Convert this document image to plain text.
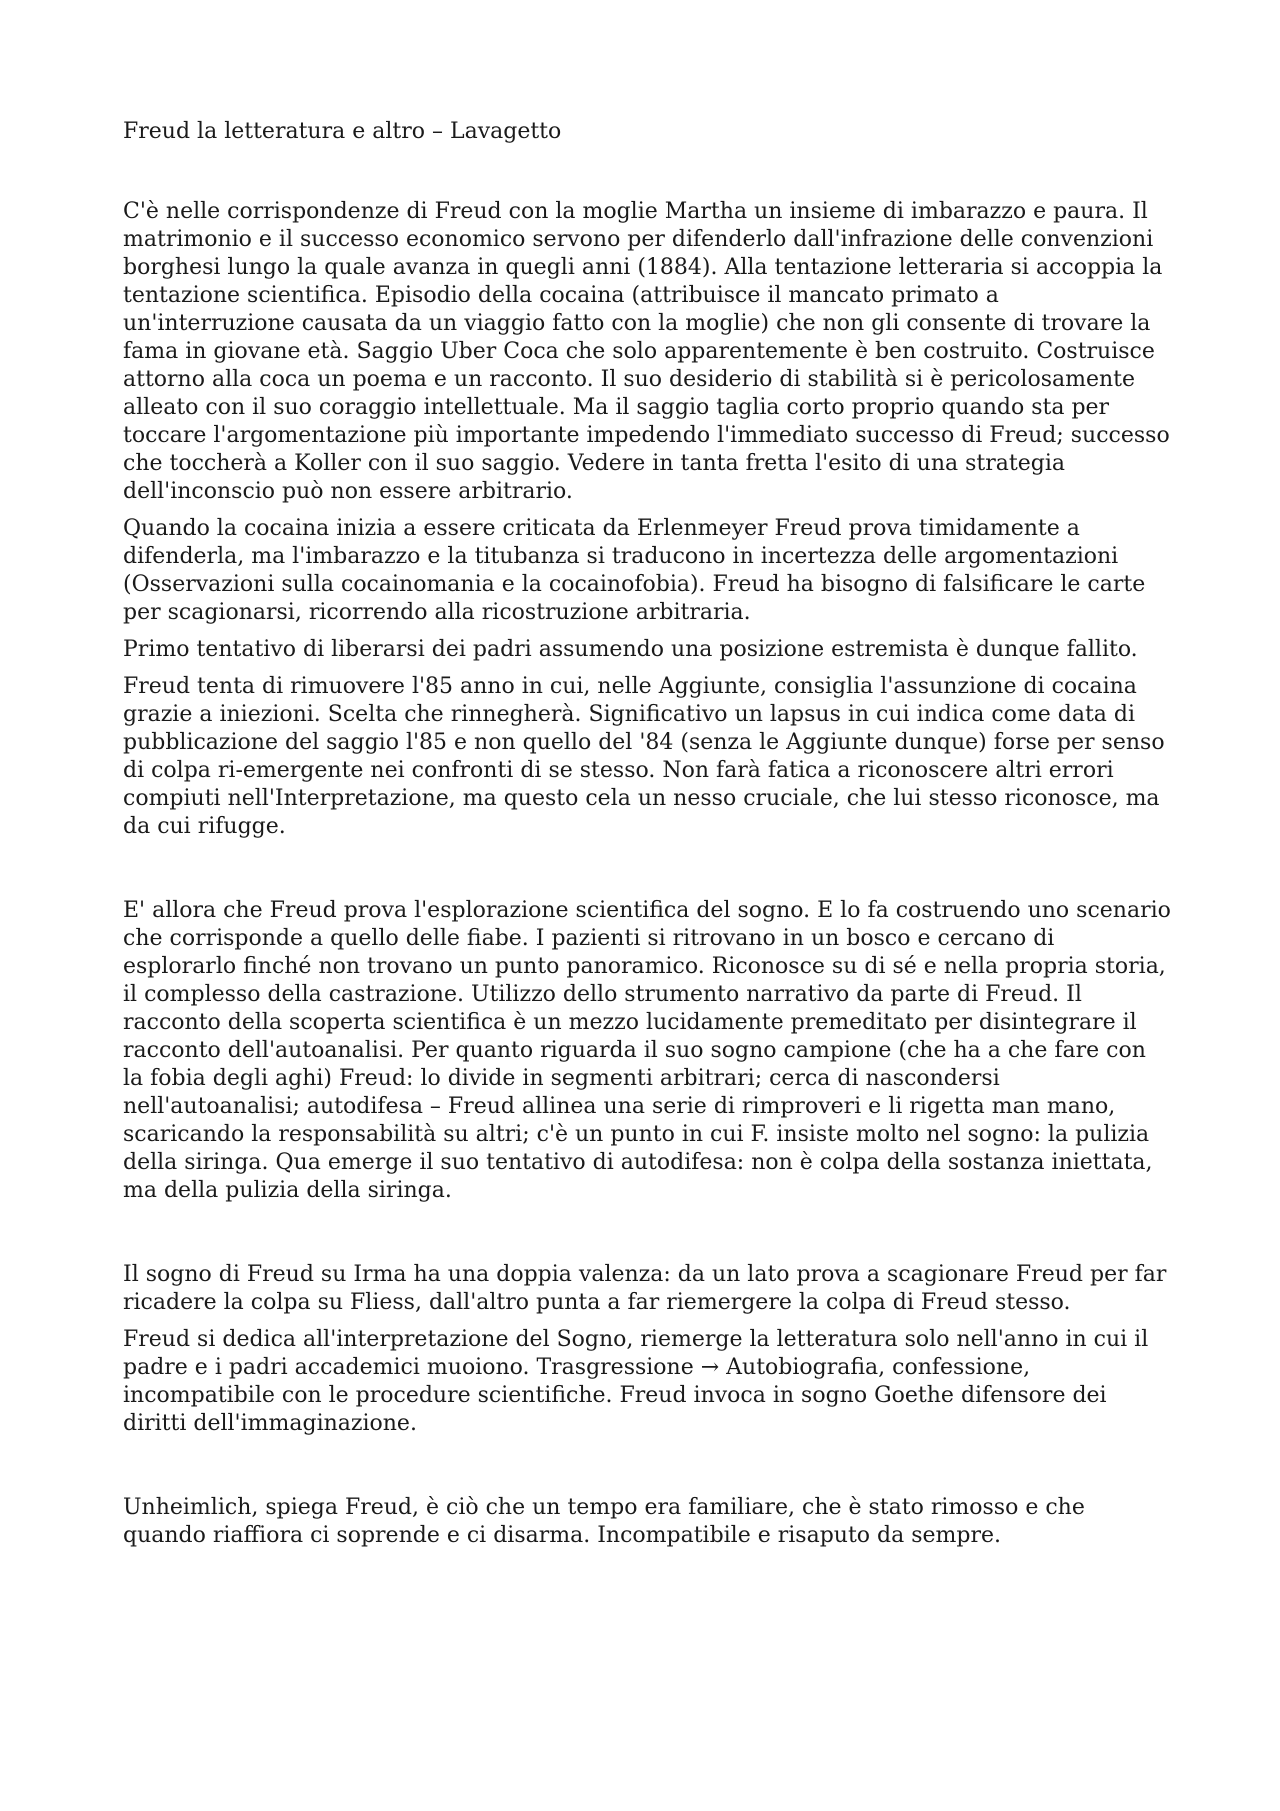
Freud la letteratura e altro – Lavagetto

C'è nelle corrispondenze di Freud con la moglie Martha un insieme di imbarazzo e paura. Il matrimonio e il successo economico servono per difenderlo dall'infrazione delle convenzioni borghesi lungo la quale avanza in quegli anni (1884). Alla tentazione letteraria si accoppia la tentazione scientifica. Episodio della cocaina (attribuisce il mancato primato a un'interruzione causata da un viaggio fatto con la moglie) che non gli consente di trovare la fama in giovane età. Saggio Uber Coca che solo apparentemente è ben costruito. Costruisce attorno alla coca un poema e un racconto. Il suo desiderio di stabilità si è pericolosamente alleato con il suo coraggio intellettuale. Ma il saggio taglia corto proprio quando sta per toccare l'argomentazione più importante impedendo l'immediato successo di Freud; successo che toccherà a Koller con il suo saggio. Vedere in tanta fretta l'esito di una strategia dell'inconscio può non essere arbitrario.

Quando la cocaina inizia a essere criticata da Erlenmeyer Freud prova timidamente a difenderla, ma l'imbarazzo e la titubanza si traducono in incertezza delle argomentazioni (Osservazioni sulla cocainomania e la cocainofobia). Freud ha bisogno di falsificare le carte per scagionarsi, ricorrendo alla ricostruzione arbitraria.

Primo tentativo di liberarsi dei padri assumendo una posizione estremista è dunque fallito.

Freud tenta di rimuovere l'85 anno in cui, nelle Aggiunte, consiglia l'assunzione di cocaina grazie a iniezioni. Scelta che rinnegherà. Significativo un lapsus in cui indica come data di pubblicazione del saggio l'85 e non quello del '84 (senza le Aggiunte dunque) forse per senso di colpa ri-emergente nei confronti di se stesso. Non farà fatica a riconoscere altri errori compiuti nell'Interpretazione, ma questo cela un nesso cruciale, che lui stesso riconosce, ma da cui rifugge.

E' allora che Freud prova l'esplorazione scientifica del sogno. E lo fa costruendo uno scenario che corrisponde a quello delle fiabe. I pazienti si ritrovano in un bosco e cercano di esplorarlo finché non trovano un punto panoramico. Riconosce su di sé e nella propria storia, il complesso della castrazione. Utilizzo dello strumento narrativo da parte di Freud. Il racconto della scoperta scientifica è un mezzo lucidamente premeditato per disintegrare il racconto dell'autoanalisi. Per quanto riguarda il suo sogno campione (che ha a che fare con la fobia degli aghi) Freud: lo divide in segmenti arbitrari; cerca di nascondersi nell'autoanalisi; autodifesa – Freud allinea una serie di rimproveri e li rigetta man mano, scaricando la responsabilità su altri; c'è un punto in cui F. insiste molto nel sogno: la pulizia della siringa. Qua emerge il suo tentativo di autodifesa: non è colpa della sostanza iniettata, ma della pulizia della siringa.

Il sogno di Freud su Irma ha una doppia valenza: da un lato prova a scagionare Freud per far ricadere la colpa su Fliess, dall'altro punta a far riemergere la colpa di Freud stesso.

Freud si dedica all'interpretazione del Sogno, riemerge la letteratura solo nell'anno in cui il padre e i padri accademici muoiono. Trasgressione → Autobiografia, confessione, incompatibile con le procedure scientifiche. Freud invoca in sogno Goethe difensore dei diritti dell'immaginazione.

Unheimlich, spiega Freud, è ciò che un tempo era familiare, che è stato rimosso e che quando riaffiora ci soprende e ci disarma. Incompatibile e risaputo da sempre.
